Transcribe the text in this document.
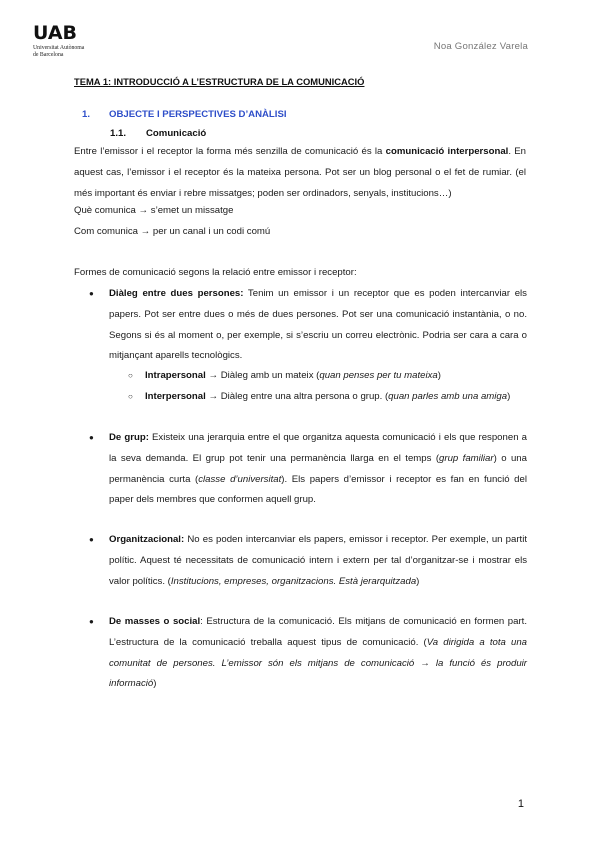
UAB
Universitat Autònoma
de Barcelona
Noa González Varela
TEMA 1: INTRODUCCIÓ A L’ESTRUCTURA DE LA COMUNICACIÓ
1. OBJECTE I PERSPECTIVES D’ANÀLISI
1.1. Comunicació
Entre l’emissor i el receptor la forma més senzilla de comunicació és la comunicació interpersonal. En aquest cas, l’emissor i el receptor és la mateixa persona. Pot ser un blog personal o el fet de rumiar. (el més important és enviar i rebre missatges; poden ser ordinadors, senyals, institucions…)
Què comunica → s’emet un missatge
Com comunica → per un canal i un codi comú
Formes de comunicació segons la relació entre emissor i receptor:
● Diàleg entre dues persones: Tenim un emissor i un receptor que es poden intercanviar els papers. Pot ser entre dues o més de dues persones. Pot ser una comunicació instantània, o no. Segons si és al moment o, per exemple, si s’escriu un correu electrònic. Podria ser cara a cara o mitjançant aparells tecnològics.
○ Intrapersonal → Diàleg amb un mateix (quan penses per tu mateixa)
○ Interpersonal → Diàleg entre una altra persona o grup. (quan parles amb una amiga)
● De grup: Existeix una jerarquia entre el que organitza aquesta comunicació i els que responen a la seva demanda. El grup pot tenir una permanència llarga en el temps (grup familiar) o una permanència curta (classe d’universitat). Els papers d’emissor i receptor es fan en funció del paper dels membres que conformen aquell grup.
● Organitzacional: No es poden intercanviar els papers, emissor i receptor. Per exemple, un partit polític. Aquest té necessitats de comunicació intern i extern per tal d’organitzar-se i mostrar els valor polítics. (Institucions, empreses, organitzacions. Està jerarquitzada)
● De masses o social: Estructura de la comunicació. Els mitjans de comunicació en formen part. L’estructura de la comunicació treballa aquest tipus de comunicació. (Va dirigida a tota una comunitat de persones. L’emissor són els mitjans de comunicació → la funció és produir informació)
1
